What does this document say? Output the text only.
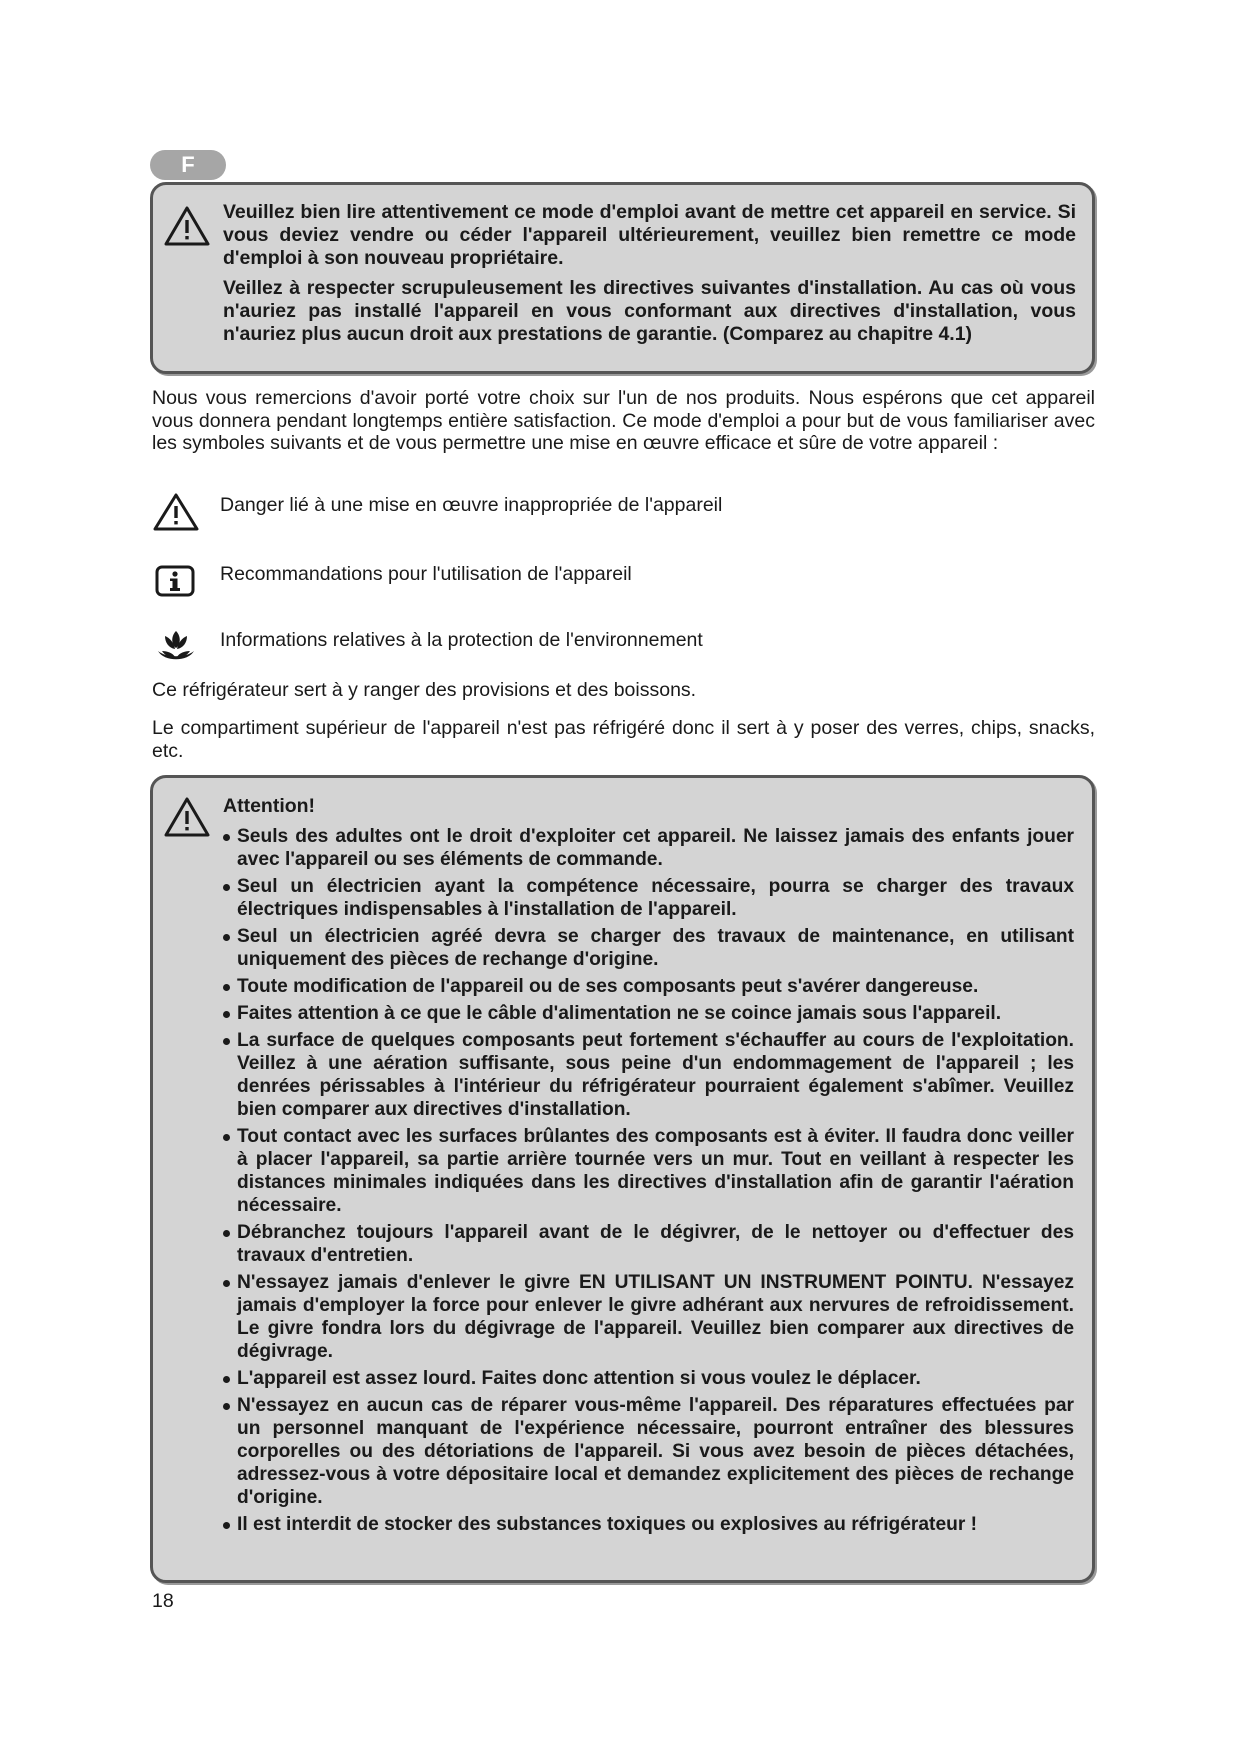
F

Veuillez bien lire attentivement ce mode d'emploi avant de mettre cet appareil en service. Si vous deviez vendre ou céder l'appareil ultérieurement, veuillez bien remettre ce mode d'emploi à son nouveau propriétaire.

Veillez à respecter scrupuleusement les directives suivantes d'installation. Au cas où vous n'auriez pas installé l'appareil en vous conformant aux directives d'installation, vous n'auriez plus aucun droit aux prestations de garantie. (Comparez au chapitre 4.1)

Nous vous remercions d'avoir porté votre choix sur l'un de nos produits. Nous espérons que cet appareil vous donnera pendant longtemps entière satisfaction. Ce mode d'emploi a pour but de vous familiariser avec les symboles suivants et de vous permettre une mise en œuvre efficace et sûre de votre appareil :
Danger lié à une mise en œuvre inappropriée de l'appareil
Recommandations pour l'utilisation de l'appareil
Informations relatives à la protection de l'environnement
Ce réfrigérateur sert à y ranger des provisions et des boissons.
Le compartiment supérieur de l'appareil n'est pas réfrigéré donc il sert à y poser des verres, chips, snacks, etc.
Attention!
Seuls des adultes ont le droit d'exploiter cet appareil. Ne laissez jamais des enfants jouer avec l'appareil ou ses éléments de commande.
Seul un électricien ayant la compétence nécessaire, pourra se charger des travaux électriques indispensables à l'installation de l'appareil.
Seul un électricien agréé devra se charger des travaux de maintenance, en utilisant uniquement des pièces de rechange d'origine.
Toute modification de l'appareil ou de ses composants peut s'avérer dangereuse.
Faites attention à ce que le câble d'alimentation ne se coince jamais sous l'appareil.
La surface de quelques composants peut fortement s'échauffer au cours de l'exploitation. Veillez à une aération suffisante, sous peine d'un endommagement de l'appareil ; les denrées périssables à l'intérieur du réfrigérateur pourraient également s'abîmer. Veuillez bien comparer aux directives d'installation.
Tout contact avec les surfaces brûlantes des composants est à éviter. Il faudra donc veiller à placer l'appareil, sa partie arrière tournée vers un mur. Tout en veillant à respecter les distances minimales indiquées dans les directives d'installation afin de garantir l'aération nécessaire.
Débranchez toujours l'appareil avant de le dégivrer, de le nettoyer ou d'effectuer des travaux d'entretien.
N'essayez jamais d'enlever le givre EN UTILISANT UN INSTRUMENT POINTU. N'essayez jamais d'employer la force pour enlever le givre adhérant aux nervures de refroidissement. Le givre fondra lors du dégivrage de l'appareil. Veuillez bien comparer aux directives de dégivrage.
L'appareil est assez lourd. Faites donc attention si vous voulez le déplacer.
N'essayez en aucun cas de réparer vous-même l'appareil. Des réparatures effectuées par un personnel manquant de l'expérience nécessaire, pourront entraîner des blessures corporelles ou des détoriations de l'appareil. Si vous avez besoin de pièces détachées, adressez-vous à votre dépositaire local et demandez explicitement des pièces de rechange d'origine.
Il est interdit de stocker des substances toxiques ou explosives au réfrigérateur !
18
